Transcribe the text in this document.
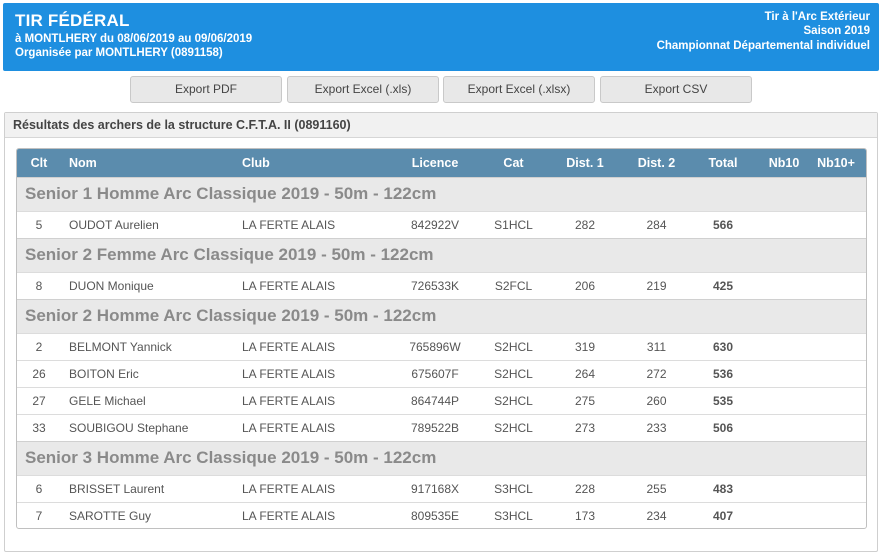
TIR FÉDÉRAL
à MONTLHERY du 08/06/2019 au 09/06/2019
Organisée par MONTLHERY (0891158)
Tir à l'Arc Extérieur
Saison 2019
Championnat Départemental individuel
Export PDF	Export Excel (.xls)	Export Excel (.xlsx)	Export CSV
Résultats des archers de la structure C.F.T.A. II (0891160)
Clt	Nom	Club	Licence	Cat	Dist. 1	Dist. 2	Total	Nb10	Nb10+
Senior 1 Homme Arc Classique 2019 - 50m - 122cm									
5	OUDOT Aurelien	LA FERTE ALAIS	842922V	S1HCL	282	284	566		
Senior 2 Femme Arc Classique 2019 - 50m - 122cm									
8	DUON Monique	LA FERTE ALAIS	726533K	S2FCL	206	219	425		
Senior 2 Homme Arc Classique 2019 - 50m - 122cm									
2	BELMONT Yannick	LA FERTE ALAIS	765896W	S2HCL	319	311	630		
26	BOITON Eric	LA FERTE ALAIS	675607F	S2HCL	264	272	536		
27	GELE Michael	LA FERTE ALAIS	864744P	S2HCL	275	260	535		
33	SOUBIGOU Stephane	LA FERTE ALAIS	789522B	S2HCL	273	233	506		
Senior 3 Homme Arc Classique 2019 - 50m - 122cm									
6	BRISSET Laurent	LA FERTE ALAIS	917168X	S3HCL	228	255	483		
7	SAROTTE Guy	LA FERTE ALAIS	809535E	S3HCL	173	234	407		
